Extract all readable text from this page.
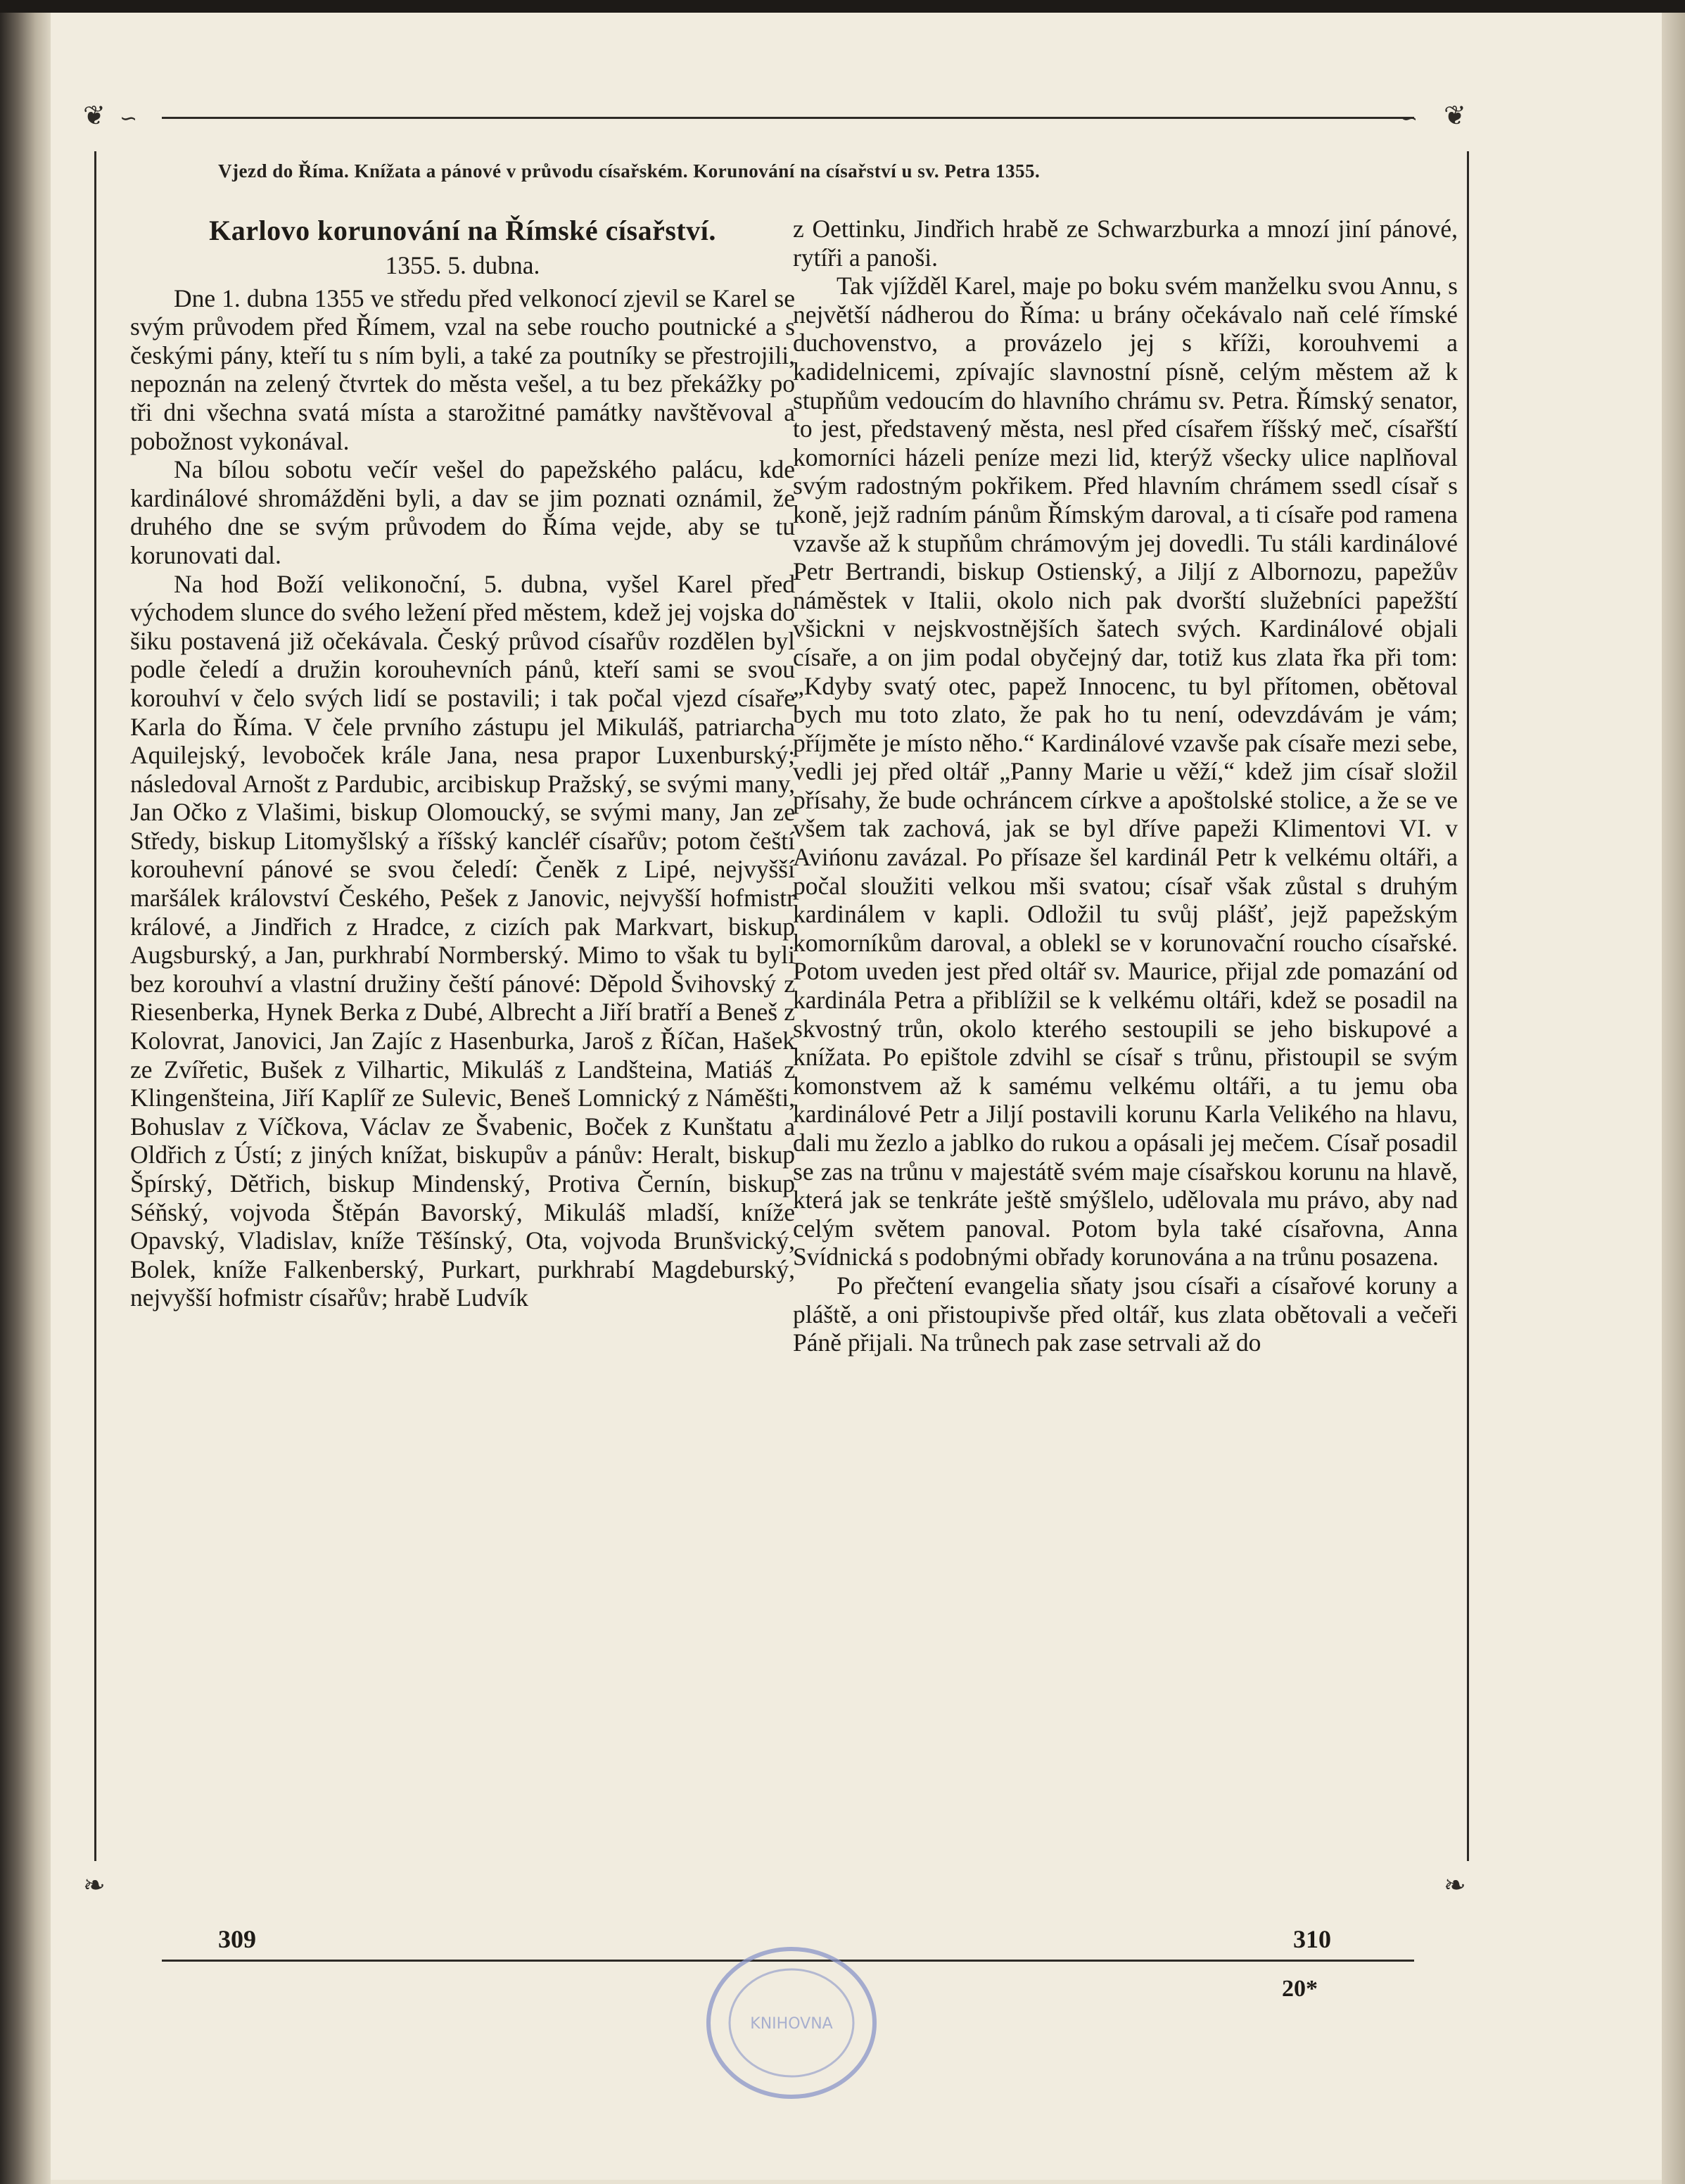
❦	❦
❧	❧
∽	∽
Vjezd do Říma. Knížata a pánové v průvodu císařském. Korunování na císařství u sv. Petra 1355.
Karlovo korunování na Římské císařství.
1355. 5. dubna.

Dne 1. dubna 1355 ve středu před velkonocí zjevil se Karel se svým průvodem před Římem, vzal na sebe roucho poutnické a s českými pány, kteří tu s ním byli, a také za poutníky se přestrojili, nepoznán na zelený čtvrtek do města vešel, a tu bez překážky po tři dni všechna svatá místa a starožitné památky navštěvoval a pobožnost vykonával.

Na bílou sobotu večír vešel do papežského palácu, kde kardinálové shromážděni byli, a dav se jim poznati oznámil, že druhého dne se svým průvodem do Říma vejde, aby se tu korunovati dal.

Na hod Boží velikonoční, 5. dubna, vyšel Karel před východem slunce do svého ležení před městem, kdež jej vojska do šiku postavená již očekávala. Český průvod císařův rozdělen byl podle čeledí a družin korouhevních pánů, kteří sami se svou korouhví v čelo svých lidí se postavili; i tak počal vjezd císaře Karla do Říma. V čele prvního zástupu jel Mikuláš, patriarcha Aquilejský, levoboček krále Jana, nesa prapor Luxenburský; následoval Arnošt z Pardubic, arcibiskup Pražský, se svými many, Jan Očko z Vlašimi, biskup Olomoucký, se svými many, Jan ze Středy, biskup Litomyšlský a říšský kancléř císařův; potom čeští korouhevní pánové se svou čeledí: Čeněk z Lipé, nejvyšší maršálek království Českého, Pešek z Janovic, nejvyšší hofmistr králové, a Jindřich z Hradce, z cizích pak Markvart, biskup Augsburský, a Jan, purkhrabí Normberský. Mimo to však tu byli bez korouhví a vlastní družiny čeští pánové: Děpold Švihovský z Riesenberka, Hynek Berka z Dubé, Albrecht a Jiří bratří a Beneš z Kolovrat, Janovici, Jan Zajíc z Hasenburka, Jaroš z Říčan, Hašek ze Zvířetic, Bušek z Vilhartic, Mikuláš z Landšteina, Matiáš z Klingenšteina, Jiří Kaplíř ze Sulevic, Beneš Lomnický z Náměšti, Bohuslav z Víčkova, Václav ze Švabenic, Boček z Kunštatu a Oldřich z Ústí; z jiných knížat, biskupův a pánův: Heralt, biskup Špírský, Dětřich, biskup Mindenský, Protiva Černín, biskup Séňský, vojvoda Štěpán Bavorský, Mikuláš mladší, kníže Opavský, Vladislav, kníže Těšínský, Ota, vojvoda Brunšvický, Bolek, kníže Falkenberský, Purkart, purkhrabí Magdeburský, nejvyšší hofmistr císařův; hrabě Ludvík

z Oettinku, Jindřich hrabě ze Schwarzburka a mnozí jiní pánové, rytíři a panoši.

Tak vjížděl Karel, maje po boku svém manželku svou Annu, s největší nádherou do Říma: u brány očekávalo naň celé římské duchovenstvo, a provázelo jej s kříži, korouhvemi a kadidelnicemi, zpívajíc slavnostní písně, celým městem až k stupňům vedoucím do hlavního chrámu sv. Petra. Římský senator, to jest, představený města, nesl před císařem říšský meč, císařští komorníci házeli peníze mezi lid, kterýž všecky ulice naplňoval svým radostným pokřikem. Před hlavním chrámem ssedl císař s koně, jejž radním pánům Římským daroval, a ti císaře pod ramena vzavše až k stupňům chrámovým jej dovedli. Tu stáli kardinálové Petr Bertrandi, biskup Ostienský, a Jiljí z Albornozu, papežův náměstek v Italii, okolo nich pak dvorští služebníci papežští všickni v nejskvostnějších šatech svých. Kardinálové objali císaře, a on jim podal obyčejný dar, totiž kus zlata řka při tom: „Kdyby svatý otec, papež Innocenc, tu byl přítomen, obětoval bych mu toto zlato, že pak ho tu není, odevzdávám je vám; příjměte je místo něho.“ Kardinálové vzavše pak císaře mezi sebe, vedli jej před oltář „Panny Marie u věží,“ kdež jim císař složil přísahy, že bude ochráncem církve a apoštolské stolice, a že se ve všem tak zachová, jak se byl dříve papeži Klimentovi VI. v Avińonu zavázal. Po přísaze šel kardinál Petr k velkému oltáři, a počal sloužiti velkou mši svatou; císař však zůstal s druhým kardinálem v kapli. Odložil tu svůj plášť, jejž papežským komorníkům daroval, a oblekl se v korunovační roucho císařské. Potom uveden jest před oltář sv. Maurice, přijal zde pomazání od kardinála Petra a přiblížil se k velkému oltáři, kdež se posadil na skvostný trůn, okolo kterého sestoupili se jeho biskupové a knížata. Po epištole zdvihl se císař s trůnu, přistoupil se svým komonstvem až k samému velkému oltáři, a tu jemu oba kardinálové Petr a Jiljí postavili korunu Karla Velikého na hlavu, dali mu žezlo a jablko do rukou a opásali jej mečem. Císař posadil se zas na trůnu v majestátě svém maje císařskou korunu na hlavě, která jak se tenkráte ještě smýšlelo, udělovala mu právo, aby nad celým světem panoval. Potom byla také císařovna, Anna Svídnická s podobnými obřady korunována a na trůnu posazena.

Po přečtení evangelia sňaty jsou císaři a císařové koruny a pláště, a oni přistoupivše před oltář, kus zlata obětovali a večeři Páně přijali. Na trůnech pak zase setrvali až do

309	310
20*
KNIHOVNA
